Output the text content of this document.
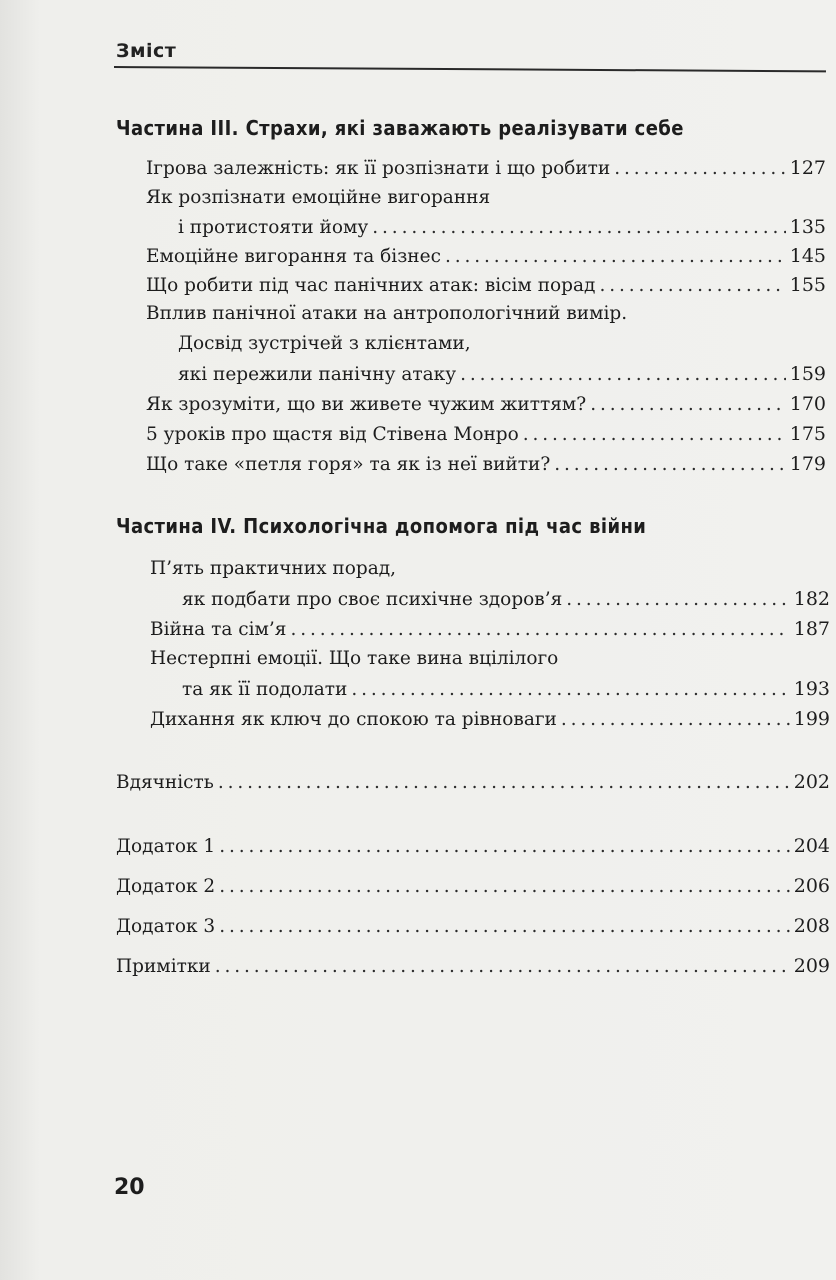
Зміст
Частина III. Страхи, які заважають реалізувати себе
Ігрова залежність: як її розпізнати і що робити . . .	127
Як розпізнати емоційне вигорання
і протистояти йому . . .	135
Емоційне вигорання та бізнес . . .	145
Що робити під час панічних атак: вісім порад . . .	155
Вплив панічної атаки на антропологічний вимір.
Досвід зустрічей з клієнтами,
які пережили панічну атаку . . .	159
Як зрозуміти, що ви живете чужим життям? . . .	170
5 уроків про щастя від Стівена Монро . . .	175
Що таке «петля горя» та як із неї вийти? . . .	179
Частина IV. Психологічна допомога під час війни
П’ять практичних порад,
як подбати про своє психічне здоров’я . . .	182
Війна та сім’я . . .	187
Нестерпні емоції. Що таке вина вцілілого
та як її подолати . . .	193
Дихання як ключ до спокою та рівноваги . . .	199
Вдячність . . .	202
Додаток 1 . . .	204
Додаток 2 . . .	206
Додаток 3 . . .	208
Примітки . . .	209
20
